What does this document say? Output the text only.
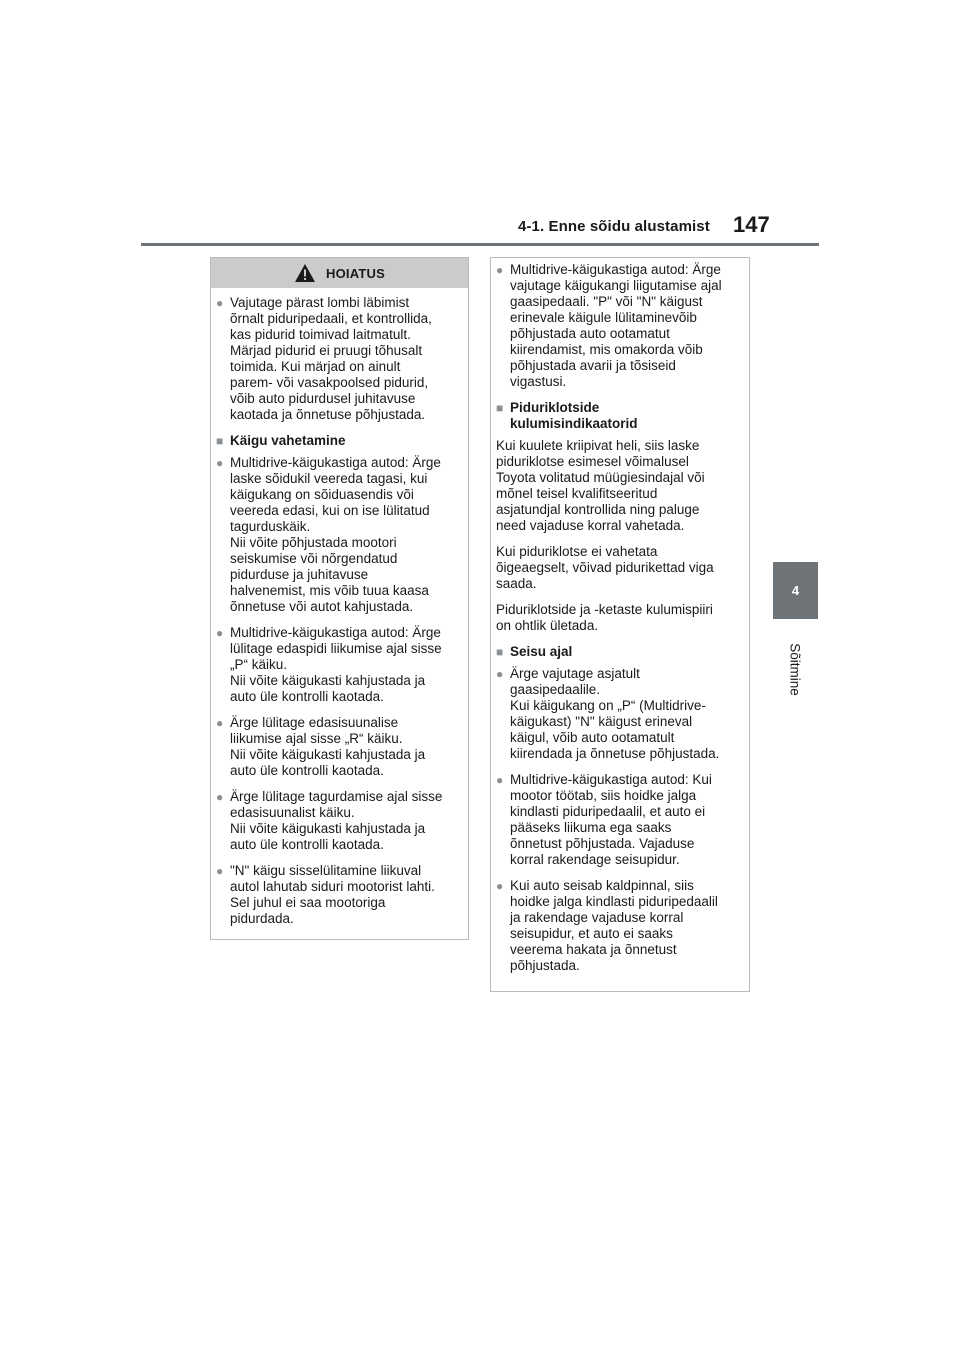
4-1. Enne sõidu alustamist 147
4
Sõitmine
HOIATUS
● Vajutage pärast lombi läbimist
õrnalt piduripedaali, et kontrollida,
kas pidurid toimivad laitmatult.
Märjad pidurid ei pruugi tõhusalt
toimida. Kui märjad on ainult
parem- või vasakpoolsed pidurid,
võib auto pidurdusel juhitavuse
kaotada ja õnnetuse põhjustada.
■ Käigu vahetamine
● Multidrive-käigukastiga autod: Ärge
laske sõidukil veereda tagasi, kui
käigukang on sõiduasendis või
veereda edasi, kui on ise lülitatud
tagurduskäik.
Nii võite põhjustada mootori
seiskumise või nõrgendatud
pidurduse ja juhitavuse
halvenemist, mis võib tuua kaasa
õnnetuse või autot kahjustada.
● Multidrive-käigukastiga autod: Ärge
lülitage edaspidi liikumise ajal sisse
„P“ käiku.
Nii võite käigukasti kahjustada ja
auto üle kontrolli kaotada.
● Ärge lülitage edasisuunalise
liikumise ajal sisse „R“ käiku.
Nii võite käigukasti kahjustada ja
auto üle kontrolli kaotada.
● Ärge lülitage tagurdamise ajal sisse
edasisuunalist käiku.
Nii võite käigukasti kahjustada ja
auto üle kontrolli kaotada.
● "N" käigu sisselülitamine liikuval
autol lahutab siduri mootorist lahti.
Sel juhul ei saa mootoriga
pidurdada.
● Multidrive-käigukastiga autod: Ärge
vajutage käigukangi liigutamise ajal
gaasipedaali. "P" või "N" käigust
erinevale käigule lülitaminevõib
põhjustada auto ootamatut
kiirendamist, mis omakorda võib
põhjustada avarii ja tõsiseid
vigastusi.
■ Piduriklotside
kulumisindikaatorid
Kui kuulete kriipivat heli, siis laske
piduriklotse esimesel võimalusel
Toyota volitatud müügiesindajal või
mõnel teisel kvalifitseeritud
asjatundjal kontrollida ning paluge
need vajaduse korral vahetada.
Kui piduriklotse ei vahetata
õigeaegselt, võivad pidurikettad viga
saada.
Piduriklotside ja -ketaste kulumispiiri
on ohtlik ületada.
■ Seisu ajal
● Ärge vajutage asjatult
gaasipedaalile.
Kui käigukang on „P“ (Multidrive-
käigukast) "N" käigust erineval
käigul, võib auto ootamatult
kiirendada ja õnnetuse põhjustada.
● Multidrive-käigukastiga autod: Kui
mootor töötab, siis hoidke jalga
kindlasti piduripedaalil, et auto ei
pääseks liikuma ega saaks
õnnetust põhjustada. Vajaduse
korral rakendage seisupidur.
● Kui auto seisab kaldpinnal, siis
hoidke jalga kindlasti piduripedaalil
ja rakendage vajaduse korral
seisupidur, et auto ei saaks
veerema hakata ja õnnetust
põhjustada.
